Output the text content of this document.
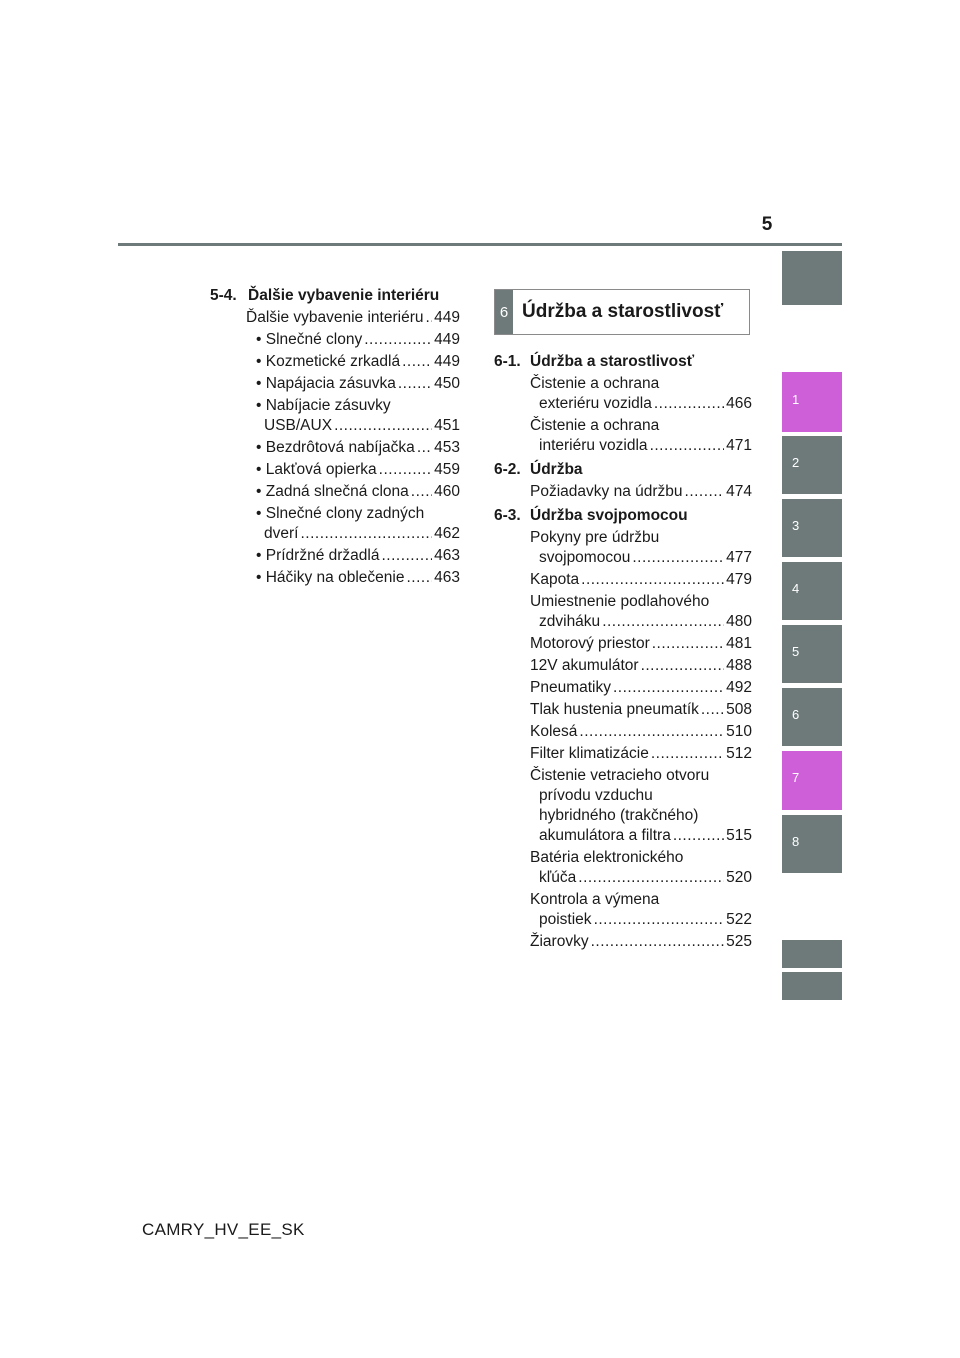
5
5-4. Ďalšie vybavenie interiéru
Ďalšie vybavenie interiéru ..... 449
• Slnečné clony .....	449
• Kozmetické zrkadlá ..... 449
• Napájacia zásuvka ..... 450
• Nabíjacie zásuvky
USB/AUX .....	451
• Bezdrôtová nabíjačka ..... 453
• Lakťová opierka .....	459
• Zadná slnečná clona ..... 460
• Slnečné clony zadných
dverí .....	462
• Prídržné držadlá .....	463
• Háčiky na oblečenie ..... 463
6 Údržba a starostlivosť
6-1. Údržba a starostlivosť
Čistenie a ochrana
exteriéru vozidla .....	466
Čistenie a ochrana
interiéru vozidla .....	471
6-2. Údržba
Požiadavky na údržbu .....	474
6-3. Údržba svojpomocou
Pokyny pre údržbu
svojpomocou .....	477
Kapota .....	479
Umiestnenie podlahového
zdviháku .....	480
Motorový priestor .....	481
12V akumulátor .....	488
Pneumatiky .....	492
Tlak hustenia pneumatík ..... 508
Kolesá .....	510
Filter klimatizácie .....	512
Čistenie vetracieho otvoru
prívodu vzduchu
hybridného (trakčného)
akumulátora a filtra .....	515
Batéria elektronického
kľúča .....	520
Kontrola a výmena
poistiek .....	522
Žiarovky .....	525
1
2
3
4
5
6
7
8
CAMRY_HV_EE_SK
